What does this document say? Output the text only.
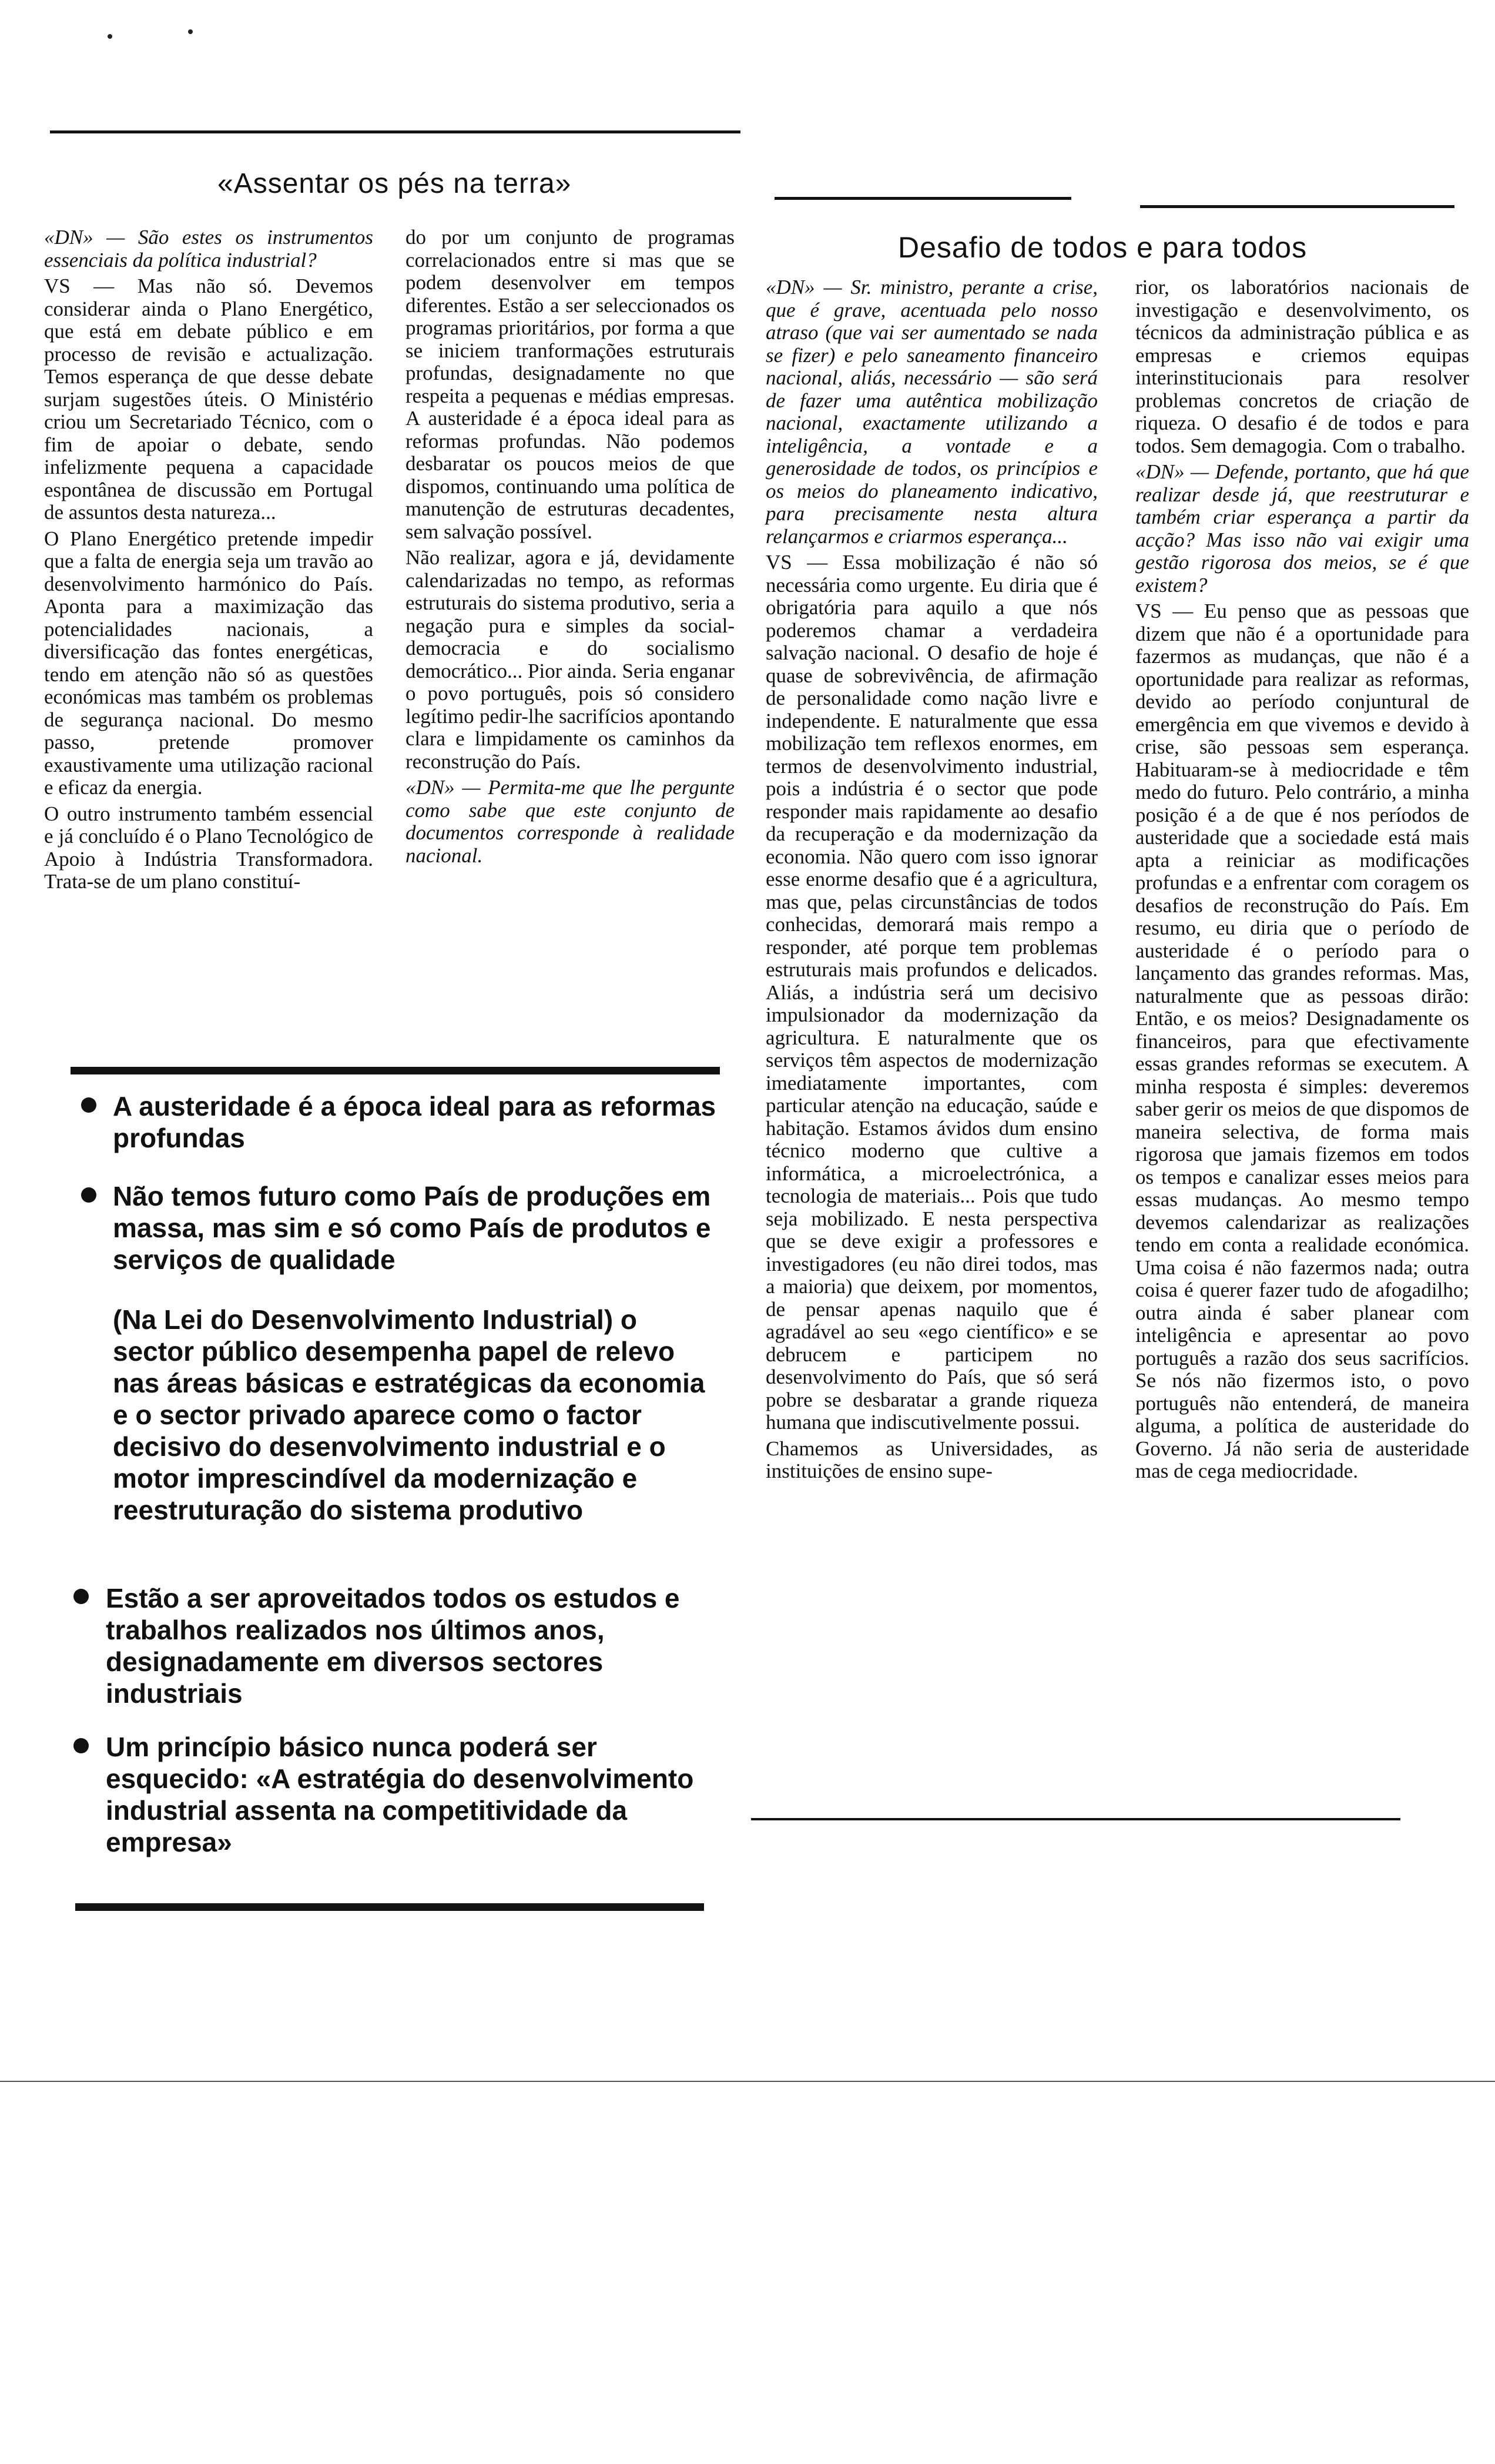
«Assentar os pés na terra»

«DN» — São estes os instrumentos essenciais da política industrial?

VS — Mas não só. Devemos considerar ainda o Plano Energético, que está em debate público e em processo de revisão e actualização. Temos esperança de que desse debate surjam sugestões úteis. O Ministério criou um Secretariado Técnico, com o fim de apoiar o debate, sendo infelizmente pequena a capacidade espontânea de discussão em Portugal de assuntos desta natureza...

O Plano Energético pretende impedir que a falta de energia seja um travão ao desenvolvimento harmónico do País. Aponta para a maximização das potencialidades nacionais, a diversificação das fontes energéticas, tendo em atenção não só as questões económicas mas também os problemas de segurança nacional. Do mesmo passo, pretende promover exaustivamente uma utilização racional e eficaz da energia.

O outro instrumento também essencial e já concluído é o Plano Tecnológico de Apoio à Indústria Transformadora. Trata-se de um plano constituí-

do por um conjunto de programas correlacionados entre si mas que se podem desenvolver em tempos diferentes. Estão a ser seleccionados os programas prioritários, por forma a que se iniciem tranformações estruturais profundas, designadamente no que respeita a pequenas e médias empresas. A austeridade é a época ideal para as reformas profundas. Não podemos desbaratar os poucos meios de que dispomos, continuando uma política de manutenção de estruturas decadentes, sem salvação possível.

Não realizar, agora e já, devidamente calendarizadas no tempo, as reformas estruturais do sistema produtivo, seria a negação pura e simples da social-democracia e do socialismo democrático... Pior ainda. Seria enganar o povo português, pois só considero legítimo pedir-lhe sacrifícios apontando clara e limpidamente os caminhos da reconstrução do País.

«DN» — Permita-me que lhe pergunte como sabe que este conjunto de documentos corresponde à realidade nacional.

A austeridade é a época ideal para as reformas profundas
Não temos futuro como País de produções em massa, mas sim e só como País de produtos e serviços de qualidade
(Na Lei do Desenvolvimento Industrial) o sector público desempenha papel de relevo nas áreas básicas e estratégicas da economia e o sector privado aparece como o factor decisivo do desenvolvimento industrial e o motor imprescindível da modernização e reestruturação do sistema produtivo
Estão a ser aproveitados todos os estudos e trabalhos realizados nos últimos anos, designadamente em diversos sectores industriais
Um princípio básico nunca poderá ser esquecido: «A estratégia do desenvolvimento industrial assenta na competitividade da empresa»
Desafio de todos e para todos

«DN» — Sr. ministro, perante a crise, que é grave, acentuada pelo nosso atraso (que vai ser aumentado se nada se fizer) e pelo saneamento financeiro nacional, aliás, necessário — são será de fazer uma autêntica mobilização nacional, exactamente utilizando a inteligência, a vontade e a generosidade de todos, os princípios e os meios do planeamento indicativo, para precisamente nesta altura relançarmos e criarmos esperança...

VS — Essa mobilização é não só necessária como urgente. Eu diria que é obrigatória para aquilo a que nós poderemos chamar a verdadeira salvação nacional. O desafio de hoje é quase de sobrevivência, de afirmação de personalidade como nação livre e independente. E naturalmente que essa mobilização tem reflexos enormes, em termos de desenvolvimento industrial, pois a indústria é o sector que pode responder mais rapidamente ao desafio da recuperação e da modernização da economia. Não quero com isso ignorar esse enorme desafio que é a agricultura, mas que, pelas circunstâncias de todos conhecidas, demorará mais rempo a responder, até porque tem problemas estruturais mais profundos e delicados. Aliás, a indústria será um decisivo impulsionador da modernização da agricultura. E naturalmente que os serviços têm aspectos de modernização imediatamente importantes, com particular atenção na educação, saúde e habitação. Estamos ávidos dum ensino técnico moderno que cultive a informática, a microelectrónica, a tecnologia de materiais... Pois que tudo seja mobilizado. E nesta perspectiva que se deve exigir a professores e investigadores (eu não direi todos, mas a maioria) que deixem, por momentos, de pensar apenas naquilo que é agradável ao seu «ego científico» e se debrucem e participem no desenvolvimento do País, que só será pobre se desbaratar a grande riqueza humana que indiscutivelmente possui.

Chamemos as Universidades, as instituições de ensino supe-

rior, os laboratórios nacionais de investigação e desenvolvimento, os técnicos da administração pública e as empresas e criemos equipas interinstitucionais para resolver problemas concretos de criação de riqueza. O desafio é de todos e para todos. Sem demagogia. Com o trabalho.

«DN» — Defende, portanto, que há que realizar desde já, que reestruturar e também criar esperança a partir da acção? Mas isso não vai exigir uma gestão rigorosa dos meios, se é que existem?

VS — Eu penso que as pessoas que dizem que não é a oportunidade para fazermos as mudanças, que não é a oportunidade para realizar as reformas, devido ao período conjuntural de emergência em que vivemos e devido à crise, são pessoas sem esperança. Habituaram-se à mediocridade e têm medo do futuro. Pelo contrário, a minha posição é a de que é nos períodos de austeridade que a sociedade está mais apta a reiniciar as modificações profundas e a enfrentar com coragem os desafios de reconstrução do País. Em resumo, eu diria que o período de austeridade é o período para o lançamento das grandes reformas. Mas, naturalmente que as pessoas dirão: Então, e os meios? Designadamente os financeiros, para que efectivamente essas grandes reformas se executem. A minha resposta é simples: deveremos saber gerir os meios de que dispomos de maneira selectiva, de forma mais rigorosa que jamais fizemos em todos os tempos e canalizar esses meios para essas mudanças. Ao mesmo tempo devemos calendarizar as realizações tendo em conta a realidade económica. Uma coisa é não fazermos nada; outra coisa é querer fazer tudo de afogadilho; outra ainda é saber planear com inteligência e apresentar ao povo português a razão dos seus sacrifícios. Se nós não fizermos isto, o povo português não entenderá, de maneira alguma, a política de austeridade do Governo. Já não seria de austeridade mas de cega mediocridade.
